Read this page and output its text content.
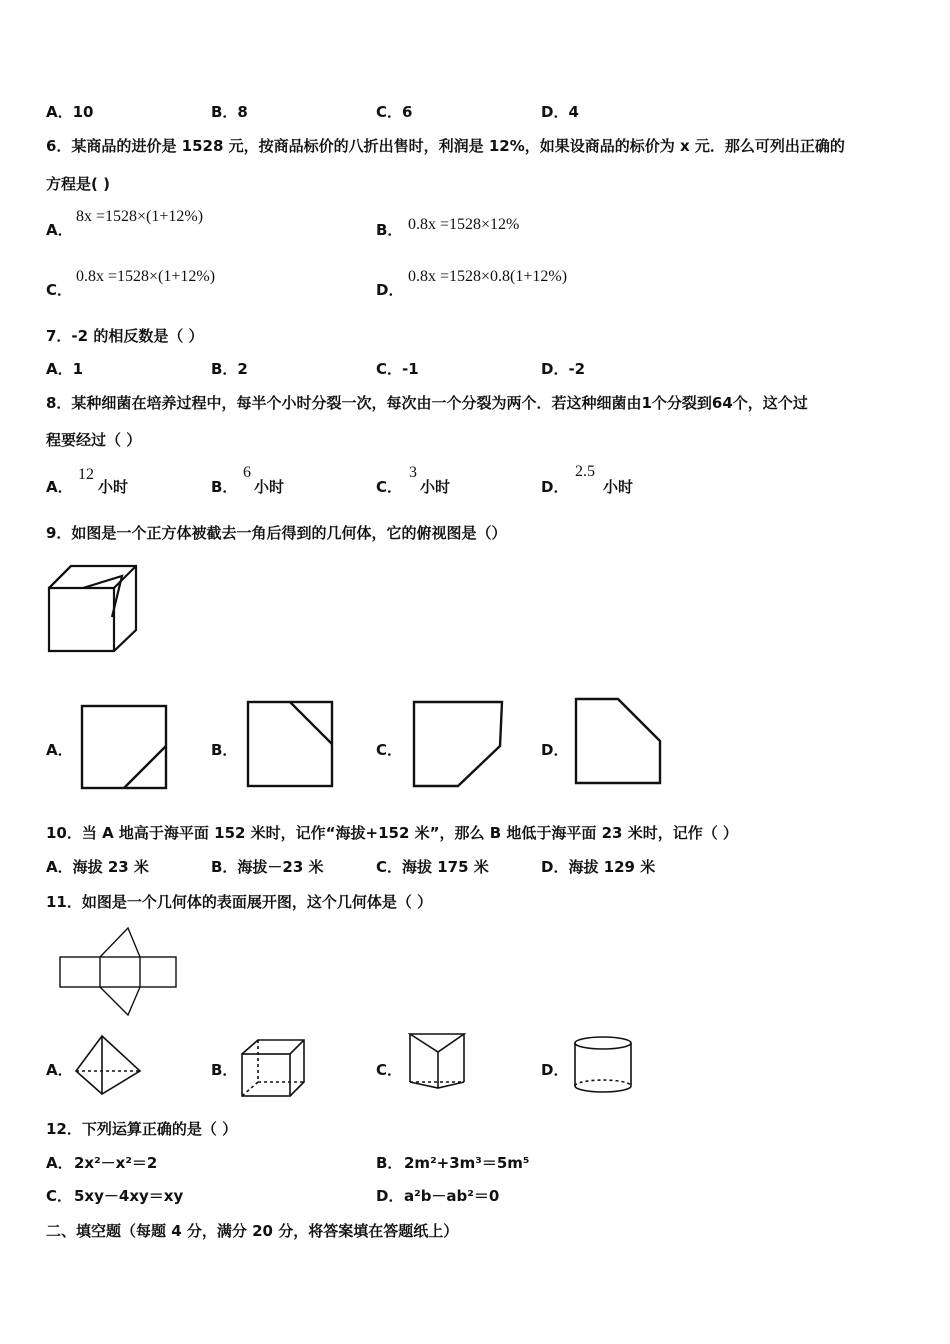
A．10	B．8	C．6	D．4
6．某商品的进价是 1528 元，按商品标价的八折出售时，利润是 12%，如果设商品的标价为 x 元．那么可列出正确的
方程是( )
A．
8x =1528×(1+12%)
B． 0.8x =1528×12%
C．
0.8x =1528×(1+12%)
D．
0.8x =1528×0.8(1+12%)
7．-2 的相反数是（ ）
A．1	B．2	C．-1	D．-2
8．某种细菌在培养过程中，每半个小时分裂一次，每次由一个分裂为两个．若这种细菌由1个分裂到64个，这个过
程要经过（ ）
A．
12
小时	B．
6
小时	C．
3
小时	D．
2.5
小时
9．如图是一个正方体被截去一角后得到的几何体，它的俯视图是（）
A．	B．	C．	D．
10．当 A 地高于海平面 152 米时，记作“海拔+152 米”，那么 B 地低于海平面 23 米时，记作（ ）
A．海拔 23 米	B．海拔－23 米	C．海拔 175 米	D．海拔 129 米
11．如图是一个几何体的表面展开图，这个几何体是（ ）
A．	B．	C．	D．
12．下列运算正确的是（ ）
A． 2x²－x²＝2	B． 2m²+3m³＝5m⁵
C． 5xy－4xy＝xy	D． a²b－ab²＝0
二、填空题（每题 4 分，满分 20 分，将答案填在答题纸上）
